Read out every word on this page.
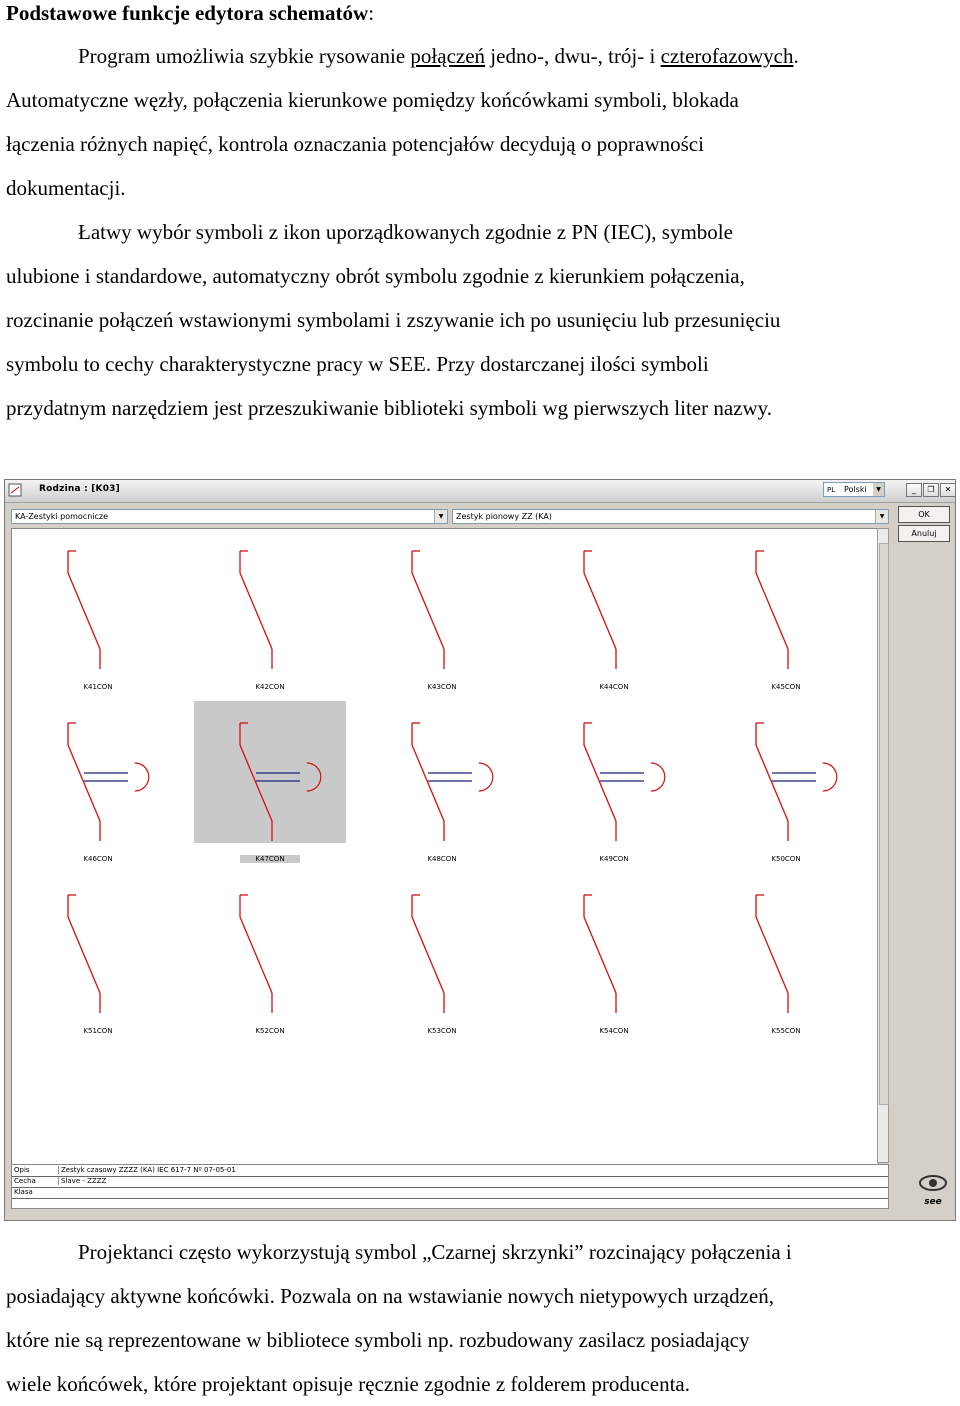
Podstawowe funkcje edytora schematów:
Program umożliwia szybkie rysowanie połączeń jedno-, dwu-, trój- i czterofazowych.
Automatyczne węzły, połączenia kierunkowe pomiędzy końcówkami symboli, blokada
łączenia różnych napięć, kontrola oznaczania potencjałów decydują o poprawności
dokumentacji.
Łatwy wybór symboli z ikon uporządkowanych zgodnie z PN (IEC), symbole
ulubione i standardowe, automatyczny obrót symbolu zgodnie z kierunkiem połączenia,
rozcinanie połączeń wstawionymi symbolami i zszywanie ich po usunięciu lub przesunięciu
symbolu to cechy charakterystyczne pracy w SEE. Przy dostarczanej ilości symboli
przydatnym narzędziem jest przeszukiwanie biblioteki symboli wg pierwszych liter nazwy.
Rodzina : [K03]	PL Polski	▼	_	❐	✕
KA-Zestyki pomocnicze	▼	Zestyk pionowy ZZ (KA)	▼	OK
Anuluj
K41CON	K42CON	K43CON	K44CON	K45CON
K46CON	K47CON	K48CON	K49CON	K50CON
K51CON	K52CON	K53CON	K54CON	K55CON
Opis	Zestyk czasowy ZZZZ (KA) IEC 617-7 Nº 07-05-01
Cecha	Slave - ZZZZ
Klasa
see
Projektanci często wykorzystują symbol „Czarnej skrzynki” rozcinający połączenia i
posiadający aktywne końcówki. Pozwala on na wstawianie nowych nietypowych urządzeń,
które nie są reprezentowane w bibliotece symboli np. rozbudowany zasilacz posiadający
wiele końcówek, które projektant opisuje ręcznie zgodnie z folderem producenta.
